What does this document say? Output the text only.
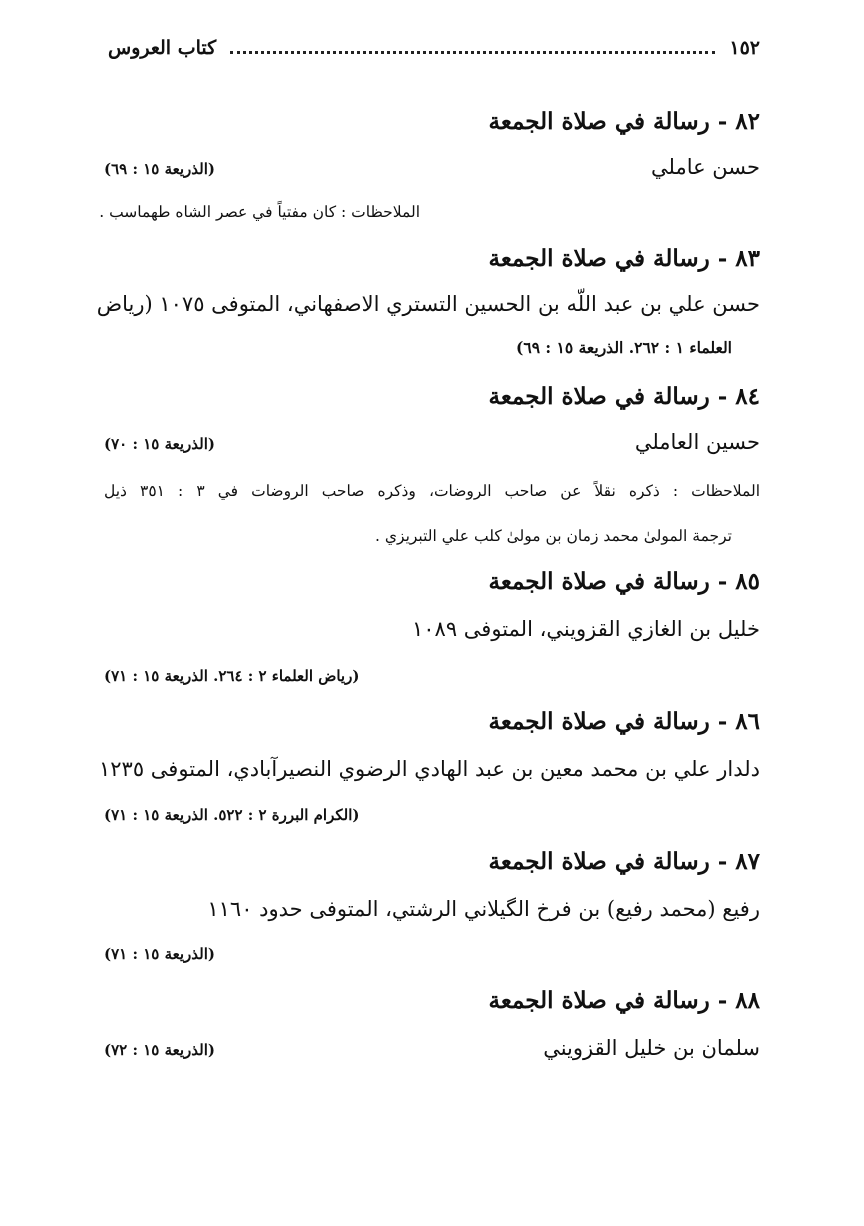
١٥٢
كتاب العروس
٨٢ - رسالة في صلاة الجمعة
حسن عاملي
(الذريعة ١٥ : ٦٩)
الملاحظات : كان مفتياً في عصر الشاه طهماسب .
٨٣ - رسالة في صلاة الجمعة
حسن علي بن عبد اللّه بن الحسين التستري الاصفهاني، المتوفى ١٠٧٥ (رياض
العلماء ١ : ٢٦٢. الذريعة ١٥ : ٦٩)
٨٤ - رسالة في صلاة الجمعة
حسين العاملي
(الذريعة ١٥ : ٧٠)
الملاحظات : ذكره نقلاً عن صاحب الروضات، وذكره صاحب الروضات في ٣ : ٣٥١ ذيل
ترجمة المولىٰ محمد زمان بن مولىٰ كلب علي التبريزي .
٨٥ - رسالة في صلاة الجمعة
خليل بن الغازي القزويني، المتوفى ١٠٨٩
(رياض العلماء ٢ : ٢٦٤. الذريعة ١٥ : ٧١)
٨٦ - رسالة في صلاة الجمعة
دلدار علي بن محمد معين بن عبد الهادي الرضوي النصيرآبادي، المتوفى ١٢٣٥
(الكرام البررة ٢ : ٥٢٢. الذريعة ١٥ : ٧١)
٨٧ - رسالة في صلاة الجمعة
رفيع (محمد رفيع) بن فرخ الگيلاني الرشتي، المتوفى حدود ١١٦٠
(الذريعة ١٥ : ٧١)
٨٨ - رسالة في صلاة الجمعة
سلمان بن خليل القزويني
(الذريعة ١٥ : ٧٢)
